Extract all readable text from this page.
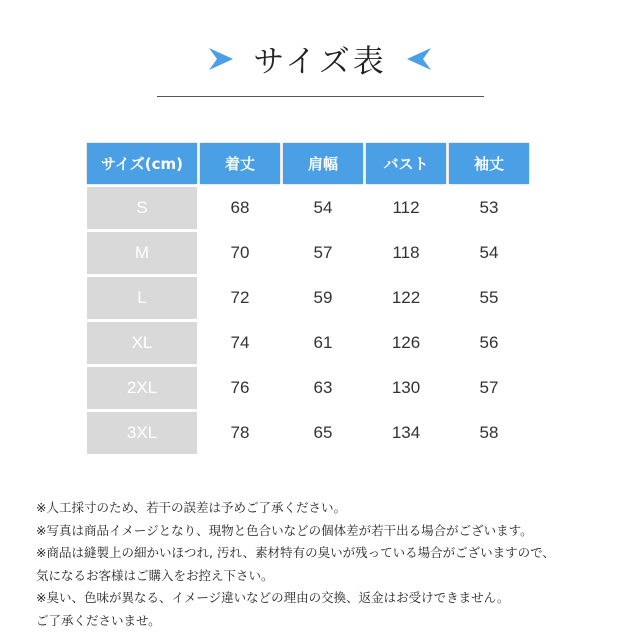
サイズ表
サイズ(cm)	着丈	肩幅	バスト	袖丈
S	68	54	112	53
M	70	57	118	54
L	72	59	122	55
XL	74	61	126	56
2XL	76	63	130	57
3XL	78	65	134	58

※人工採寸のため、若干の誤差は予めご了承ください。

※写真は商品イメージとなり、現物と色合いなどの個体差が若干出る場合がございます。

※商品は縫製上の細かいほつれ, 汚れ、素材特有の臭いが残っている場合がございますので、

気になるお客様はご購入をお控え下さい。

※臭い、色味が異なる、イメージ違いなどの理由の交換、返金はお受けできません。

ご了承くださいませ。
